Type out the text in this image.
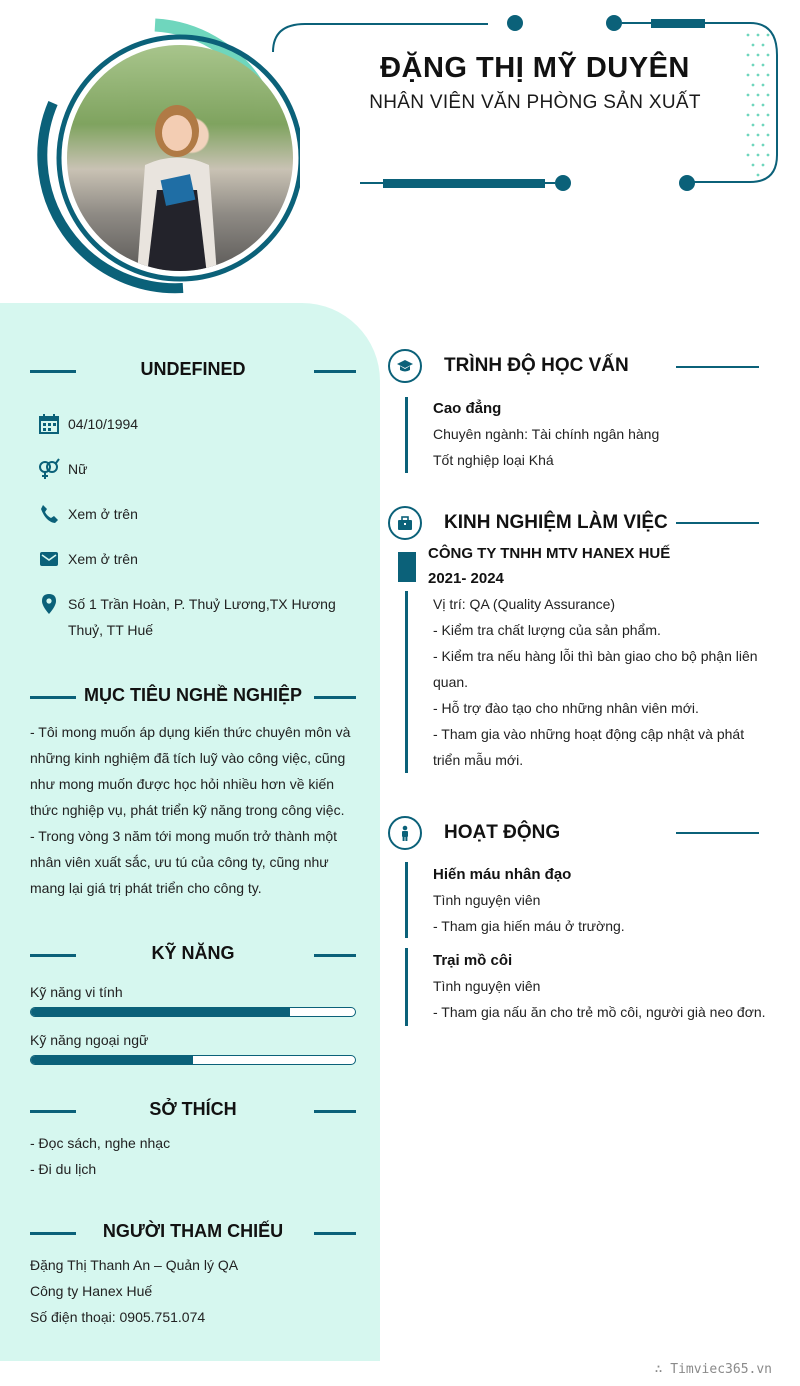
ĐẶNG THỊ MỸ DUYÊN
NHÂN VIÊN VĂN PHÒNG SẢN XUẤT
UNDEFINED
04/10/1994
Nữ
Xem ở trên
Xem ở trên
Số 1 Trần Hoàn, P. Thuỷ Lương,TX Hương
Thuỷ, TT Huế
MỤC TIÊU NGHỀ NGHIỆP
- Tôi mong muốn áp dụng kiến thức chuyên môn và
những kinh nghiệm đã tích luỹ vào công việc, cũng
như mong muốn được học hỏi nhiều hơn về kiến
thức nghiệp vụ, phát triển kỹ năng trong công việc.
- Trong vòng 3 năm tới mong muốn trở thành một
nhân viên xuất sắc, ưu tú của công ty, cũng như
mang lại giá trị phát triển cho công ty.
KỸ NĂNG
Kỹ năng vi tính
Kỹ năng ngoại ngữ
SỞ THÍCH
- Đọc sách, nghe nhạc
- Đi du lịch
NGƯỜI THAM CHIẾU
Đặng Thị Thanh An – Quản lý QA
Công ty Hanex Huế
Số điện thoại: 0905.751.074
TRÌNH ĐỘ HỌC VẤN
Cao đẳng
Chuyên ngành: Tài chính ngân hàng
Tốt nghiệp loại Khá
KINH NGHIỆM LÀM VIỆC
CÔNG TY TNHH MTV HANEX HUẾ
2021- 2024
Vị trí: QA (Quality Assurance)
- Kiểm tra chất lượng của sản phẩm.
- Kiểm tra nếu hàng lỗi thì bàn giao cho bộ phận liên
quan.
- Hỗ trợ đào tạo cho những nhân viên mới.
- Tham gia vào những hoạt động cập nhật và phát
triển mẫu mới.
HOẠT ĐỘNG
Hiến máu nhân đạo
Tình nguyện viên
- Tham gia hiến máu ở trường.
Trại mồ côi
Tình nguyện viên
- Tham gia nấu ăn cho trẻ mồ côi, người già neo đơn.
∴ Timviec365.vn
